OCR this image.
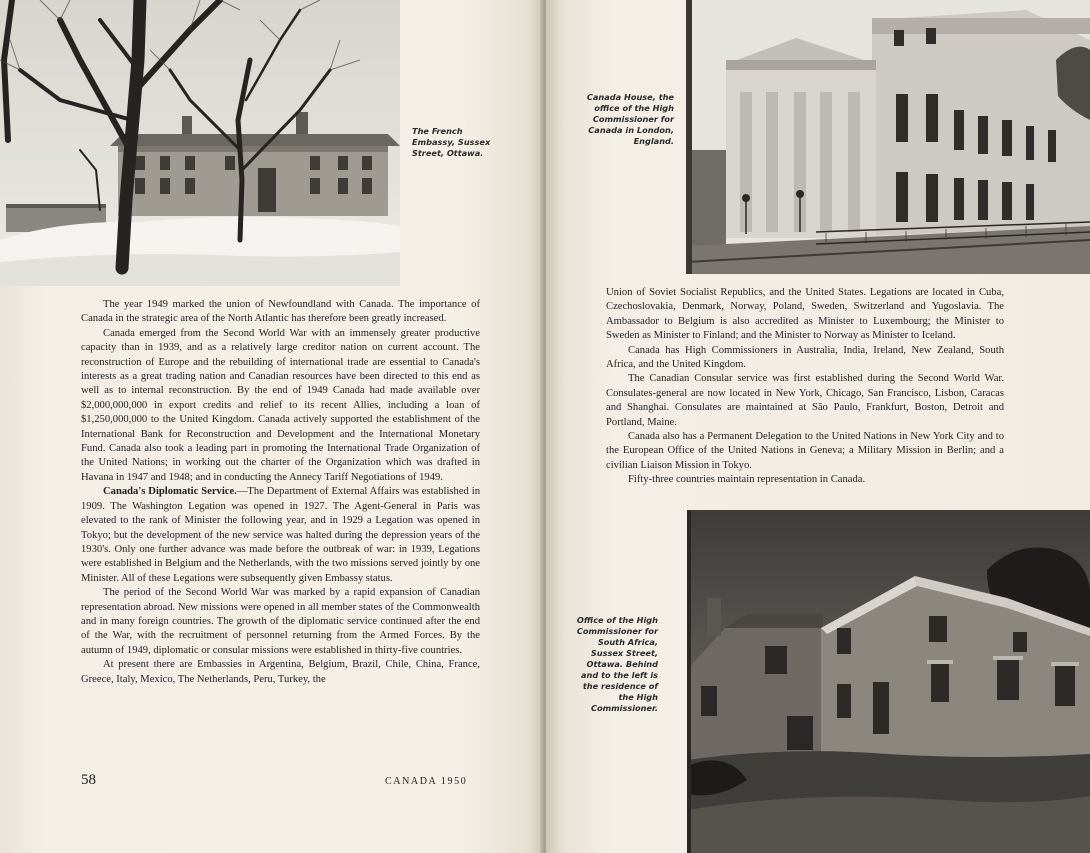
The French Embassy, Sussex Street, Ottawa.

The year 1949 marked the union of Newfoundland with Canada. The importance of Canada in the strategic area of the North Atlantic has therefore been greatly increased.

Canada emerged from the Second World War with an immensely greater productive capacity than in 1939, and as a relatively large creditor nation on current account. The reconstruction of Europe and the rebuilding of international trade are essential to Canada's interests as a great trading nation and Canadian resources have been directed to this end as well as to internal reconstruction. By the end of 1949 Canada had made available over $2,000,000,000 in export credits and relief to its recent Allies, including a loan of $1,250,000,000 to the United Kingdom. Canada actively supported the establishment of the International Bank for Reconstruction and Development and the International Monetary Fund. Canada also took a leading part in promoting the International Trade Organization of the United Nations; in working out the charter of the Organization which was drafted in Havana in 1947 and 1948; and in conducting the Annecy Tariff Negotiations of 1949.

Canada's Diplomatic Service.—The Department of External Affairs was established in 1909. The Washington Legation was opened in 1927. The Agent-General in Paris was elevated to the rank of Minister the following year, and in 1929 a Legation was opened in Tokyo; but the development of the new service was halted during the depression years of the 1930's. Only one further advance was made before the outbreak of war: in 1939, Legations were established in Belgium and the Netherlands, with the two missions served jointly by one Minister. All of these Legations were subsequently given Embassy status.

The period of the Second World War was marked by a rapid expansion of Canadian representation abroad. New missions were opened in all member states of the Commonwealth and in many foreign countries. The growth of the diplomatic service continued after the end of the War, with the recruitment of personnel returning from the Armed Forces. By the autumn of 1949, diplomatic or consular missions were established in thirty-five countries.

At present there are Embassies in Argentina, Belgium, Brazil, Chile, China, France, Greece, Italy, Mexico, The Netherlands, Peru, Turkey, the

58	CANADA 1950
Canada House, the office of the High Commissioner for Canada in London, England.

Union of Soviet Socialist Republics, and the United States. Legations are located in Cuba, Czechoslovakia, Denmark, Norway, Poland, Sweden, Switzerland and Yugoslavia. The Ambassador to Belgium is also accredited as Minister to Luxembourg; the Minister to Sweden as Minister to Finland; and the Minister to Norway as Minister to Iceland.

Canada has High Commissioners in Australia, India, Ireland, New Zealand, South Africa, and the United Kingdom.

The Canadian Consular service was first established during the Second World War. Consulates-general are now located in New York, Chicago, San Francisco, Lisbon, Caracas and Shanghai. Consulates are maintained at São Paulo, Frankfurt, Boston, Detroit and Portland, Maine.

Canada also has a Permanent Delegation to the United Nations in New York City and to the European Office of the United Nations in Geneva; a Military Mission in Berlin; and a civilian Liaison Mission in Tokyo.

Fifty-three countries maintain representation in Canada.

Office of the High Commissioner for South Africa, Sussex Street, Ottawa. Behind and to the left is the residence of the High Commissioner.
